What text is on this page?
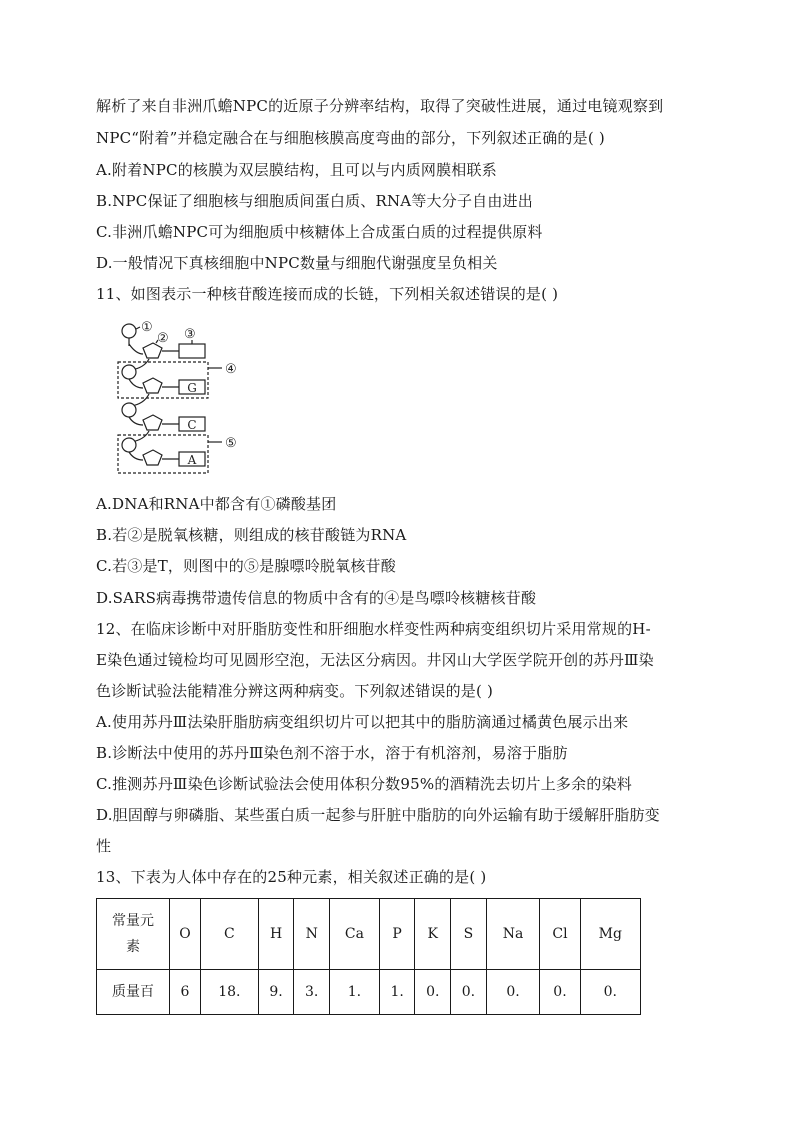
解析了来自非洲爪蟾NPC的近原子分辨率结构，取得了突破性进展，通过电镜观察到
NPC“附着”并稳定融合在与细胞核膜高度弯曲的部分，下列叙述正确的是( )
A.附着NPC的核膜为双层膜结构，且可以与内质网膜相联系
B.NPC保证了细胞核与细胞质间蛋白质、RNA等大分子自由进出
C.非洲爪蟾NPC可为细胞质中核糖体上合成蛋白质的过程提供原料
D.一般情况下真核细胞中NPC数量与细胞代谢强度呈负相关
11、如图表示一种核苷酸连接而成的长链，下列相关叙述错误的是( )
①
② ③
④
⑤
G
C
A
A.DNA和RNA中都含有①磷酸基团
B.若②是脱氧核糖，则组成的核苷酸链为RNA
C.若③是T，则图中的⑤是腺嘌呤脱氧核苷酸
D.SARS病毒携带遗传信息的物质中含有的④是鸟嘌呤核糖核苷酸
12、在临床诊断中对肝脂肪变性和肝细胞水样变性两种病变组织切片采用常规的H-
E染色通过镜检均可见圆形空泡，无法区分病因。井冈山大学医学院开创的苏丹Ⅲ染
色诊断试验法能精准分辨这两种病变。下列叙述错误的是( )
A.使用苏丹Ⅲ法染肝脂肪病变组织切片可以把其中的脂肪滴通过橘黄色展示出来
B.诊断法中使用的苏丹Ⅲ染色剂不溶于水，溶于有机溶剂，易溶于脂肪
C.推测苏丹Ⅲ染色诊断试验法会使用体积分数95%的酒精洗去切片上多余的染料
D.胆固醇与卵磷脂、某些蛋白质一起参与肝脏中脂肪的向外运输有助于缓解肝脂肪变
性
13、下表为人体中存在的25种元素，相关叙述正确的是( )
常量元
素	O	C	H	N	Ca	P	K	S	Na	Cl	Mg
质量百	6	18.	9.	3.	1.	1.	0.	0.	0.	0.	0.
